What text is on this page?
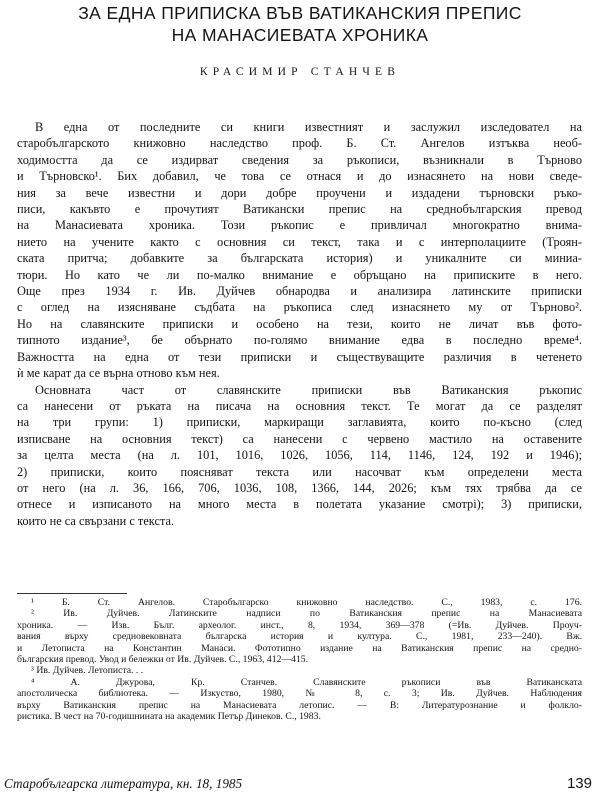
ЗА ЕДНА ПРИПИСКА ВЪВ ВАТИКАНСКИЯ ПРЕПИС
НА МАНАСИЕВАТА ХРОНИКА
КРАСИМИР СТАНЧЕВ
В една от последните си книги известният и заслужил изследовател на
старобългарското книжовно наследство проф. Б. Ст. Ангелов изтъква необ-
ходимостта да се издирват сведения за ръкописи, възникнали в Търново
и Търновско¹. Бих добавил, че това се отнася и до изнасянето на нови сведе-
ния за вече известни и дори добре проучени и издадени търновски ръко-
писи, какъвто е прочутият Ватикански препис на среднобългарския превод
на Манасиевата хроника. Този ръкопис е привличал многократно внима-
нието на учените както с основния си текст, така и с интерполациите (Троян-
ската притча; добавките за българската история) и уникалните си миниа-
тюри. Но като че ли по-малко внимание е обръщано на приписките в него.
Още през 1934 г. Ив. Дуйчев обнародва и анализира латинските приписки
с оглед на изясняване съдбата на ръкописа след изнасянето му от Търново².
Но на славянските приписки и особено на тези, които не личат във фото-
типното издание³, бе обърнато по-голямо внимание едва в последно време⁴.
Важността на една от тези приписки и съществуващите различия в четенето
ѝ ме карат да се върна отново към нея.
Основната част от славянските приписки във Ватиканския ръкопис
са нанесени от ръката на писача на основния текст. Те могат да се разделят
на три групи: 1) приписки, маркиращи заглавията, които по-късно (след
изписване на основния текст) са нанесени с червено мастило на оставените
за целта места (на л. 101, 1016, 1026, 1056, 114, 1146, 124, 192 и 1946);
2) приписки, които поясняват текста или насочват към определени места
от него (на л. 36, 166, 706, 1036, 108, 1366, 144, 2026; към тях трябва да се
отнесе и изписаното на много места в полетата указание смотрі); 3) приписки,
които не са свързани с текста.
¹ Б. Ст. Ангелов. Старобългарско книжовно наследство. С., 1983, с. 176.
² Ив. Дуйчев. Латинските надписи по Ватиканския препис на Манасиевата
хроника. — Изв. Бълг. археолог. инст., 8, 1934, 369—378 (=Ив. Дуйчев. Проуч-
вания върху средновековната българска история и култура. С., 1981, 233—240). Вж.
и Летописта на Константин Манаси. Фототипно издание на Ватиканския препис на средно-
българския превод. Увод и бележки от Ив. Дуйчев. С., 1963, 412—415.
³ Ив. Дуйчев. Летописта. . .
⁴ А. Джурова, Кр. Станчев. Славянските ръкописи във Ватиканската
апостолическа библиотека. — Изкуство, 1980, № 8, с. 3; Ив. Дуйчев. Наблюдения
върху Ватиканския препис на Манасиевата летопис. — В: Литературознание и фолкло-
ристика. В чест на 70-годишнината на академик Петър Динеков. С., 1983.
Старобългарска литература, кн. 18, 1985	139
